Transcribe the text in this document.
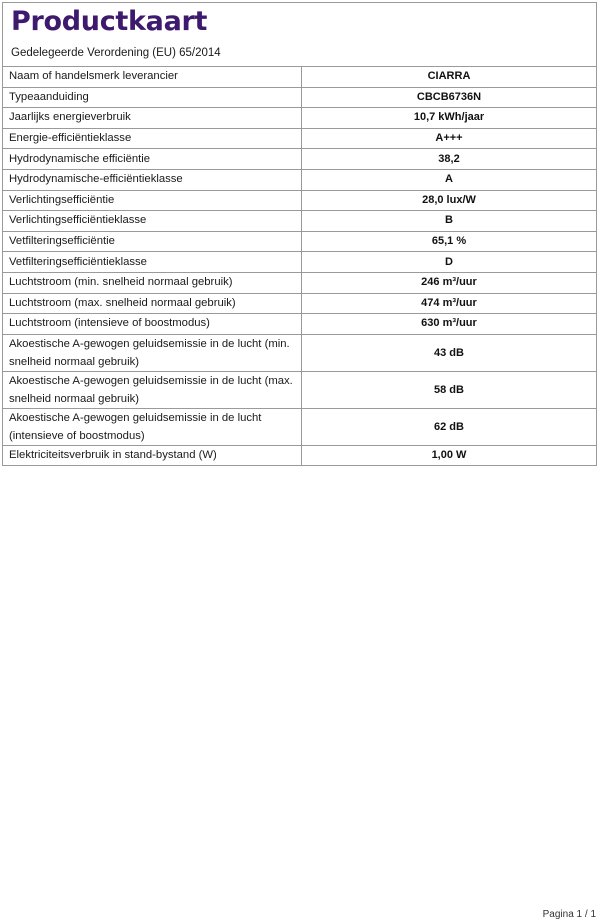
Productkaart
Gedelegeerde Verordening (EU) 65/2014
Naam of handelsmerk leverancier	CIARRA
Typeaanduiding	CBCB6736N
Jaarlijks energieverbruik	10,7 kWh/jaar
Energie-efficiëntieklasse	A+++
Hydrodynamische efficiëntie	38,2
Hydrodynamische-efficiëntieklasse	A
Verlichtingsefficiëntie	28,0 lux/W
Verlichtingsefficiëntieklasse	B
Vetfilteringsefficiëntie	65,1 %
Vetfilteringsefficiëntieklasse	D
Luchtstroom (min. snelheid normaal gebruik)	246 m³/uur
Luchtstroom (max. snelheid normaal gebruik)	474 m³/uur
Luchtstroom (intensieve of boostmodus)	630 m³/uur
Akoestische A-gewogen geluidsemissie in de lucht (min. snelheid normaal gebruik)	43 dB
Akoestische A-gewogen geluidsemissie in de lucht (max. snelheid normaal gebruik)	58 dB
Akoestische A-gewogen geluidsemissie in de lucht (intensieve of boostmodus)	62 dB
Elektriciteitsverbruik in stand-bystand (W)	1,00 W
Pagina 1 / 1
